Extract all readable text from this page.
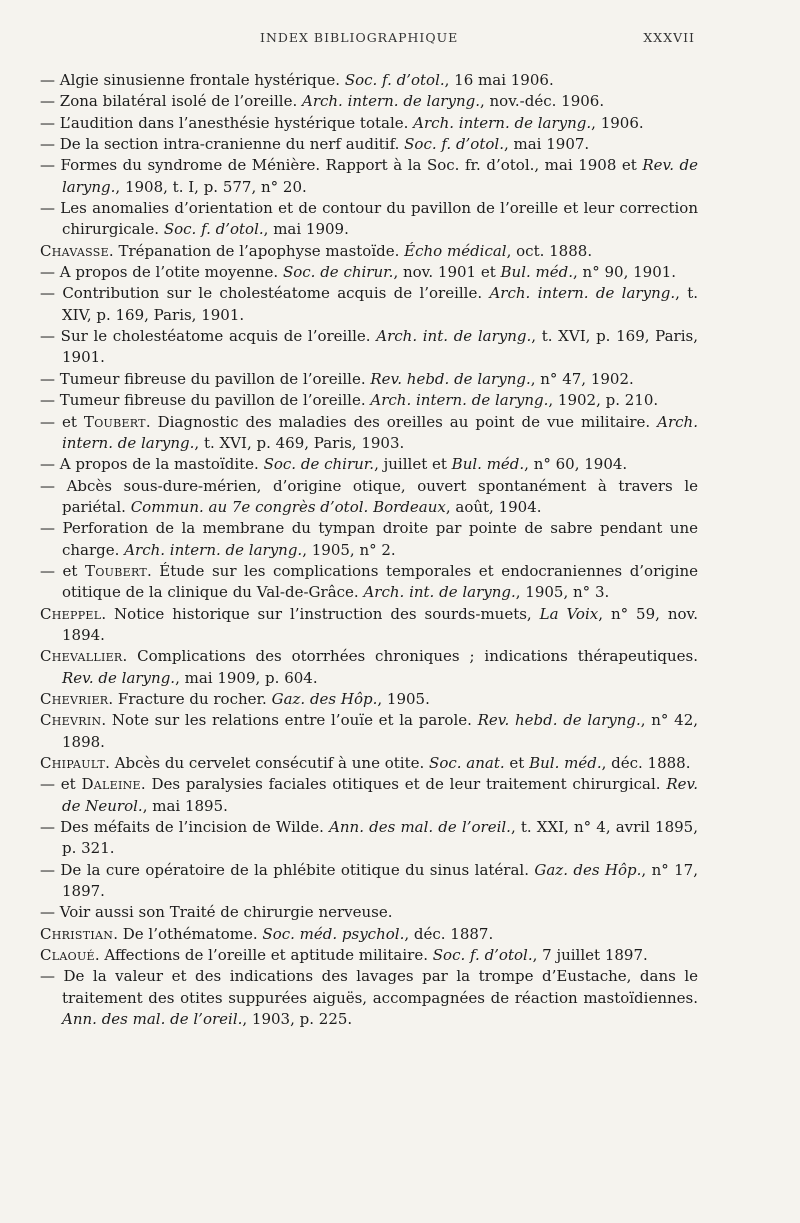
INDEX BIBLIOGRAPHIQUE	XXXVII

— Algie sinusienne frontale hystérique. Soc. f. d’otol., 16 mai 1906.

— Zona bilatéral isolé de l’oreille. Arch. intern. de laryng., nov.-déc. 1906.

— L’audition dans l’anesthésie hystérique totale. Arch. intern. de laryng., 1906.

— De la section intra-cranienne du nerf auditif. Soc. f. d’otol., mai 1907.

— Formes du syndrome de Ménière. Rapport à la Soc. fr. d’otol., mai 1908 et Rev. de laryng., 1908, t. I, p. 577, n° 20.

— Les anomalies d’orientation et de contour du pavillon de l’oreille et leur correction chirurgicale. Soc. f. d’otol., mai 1909.

Chavasse. Trépanation de l’apophyse mastoïde. Écho médical, oct. 1888.

— A propos de l’otite moyenne. Soc. de chirur., nov. 1901 et Bul. méd., n° 90, 1901.

— Contribution sur le cholestéatome acquis de l’oreille. Arch. intern. de laryng., t. XIV, p. 169, Paris, 1901.

— Sur le cholestéatome acquis de l’oreille. Arch. int. de laryng., t. XVI, p. 169, Paris, 1901.

— Tumeur fibreuse du pavillon de l’oreille. Rev. hebd. de laryng., n° 47, 1902.

— Tumeur fibreuse du pavillon de l’oreille. Arch. intern. de laryng., 1902, p. 210.

— et Toubert. Diagnostic des maladies des oreilles au point de vue militaire. Arch. intern. de laryng., t. XVI, p. 469, Paris, 1903.

— A propos de la mastoïdite. Soc. de chirur., juillet et Bul. méd., n° 60, 1904.

— Abcès sous-dure-mérien, d’origine otique, ouvert spontanément à travers le pariétal. Commun. au 7e congrès d’otol. Bordeaux, août, 1904.

— Perforation de la membrane du tympan droite par pointe de sabre pendant une charge. Arch. intern. de laryng., 1905, n° 2.

— et Toubert. Étude sur les complications temporales et endocraniennes d’origine otitique de la clinique du Val-de-Grâce. Arch. int. de laryng., 1905, n° 3.

Cheppel. Notice historique sur l’instruction des sourds-muets, La Voix, n° 59, nov. 1894.

Chevallier. Complications des otorrhées chroniques ; indications thérapeutiques. Rev. de laryng., mai 1909, p. 604.

Chevrier. Fracture du rocher. Gaz. des Hôp., 1905.

Chevrin. Note sur les relations entre l’ouïe et la parole. Rev. hebd. de laryng., n° 42, 1898.

Chipault. Abcès du cervelet consécutif à une otite. Soc. anat. et Bul. méd., déc. 1888.

— et Daleine. Des paralysies faciales otitiques et de leur traitement chirurgical. Rev. de Neurol., mai 1895.

— Des méfaits de l’incision de Wilde. Ann. des mal. de l’oreil., t. XXI, n° 4, avril 1895, p. 321.

— De la cure opératoire de la phlébite otitique du sinus latéral. Gaz. des Hôp., n° 17, 1897.

— Voir aussi son Traité de chirurgie nerveuse.

Christian. De l’othématome. Soc. méd. psychol., déc. 1887.

Claoué. Affections de l’oreille et aptitude militaire. Soc. f. d’otol., 7 juillet 1897.

— De la valeur et des indications des lavages par la trompe d’Eustache, dans le traitement des otites suppurées aiguës, accompagnées de réaction mastoïdiennes. Ann. des mal. de l’oreil., 1903, p. 225.
